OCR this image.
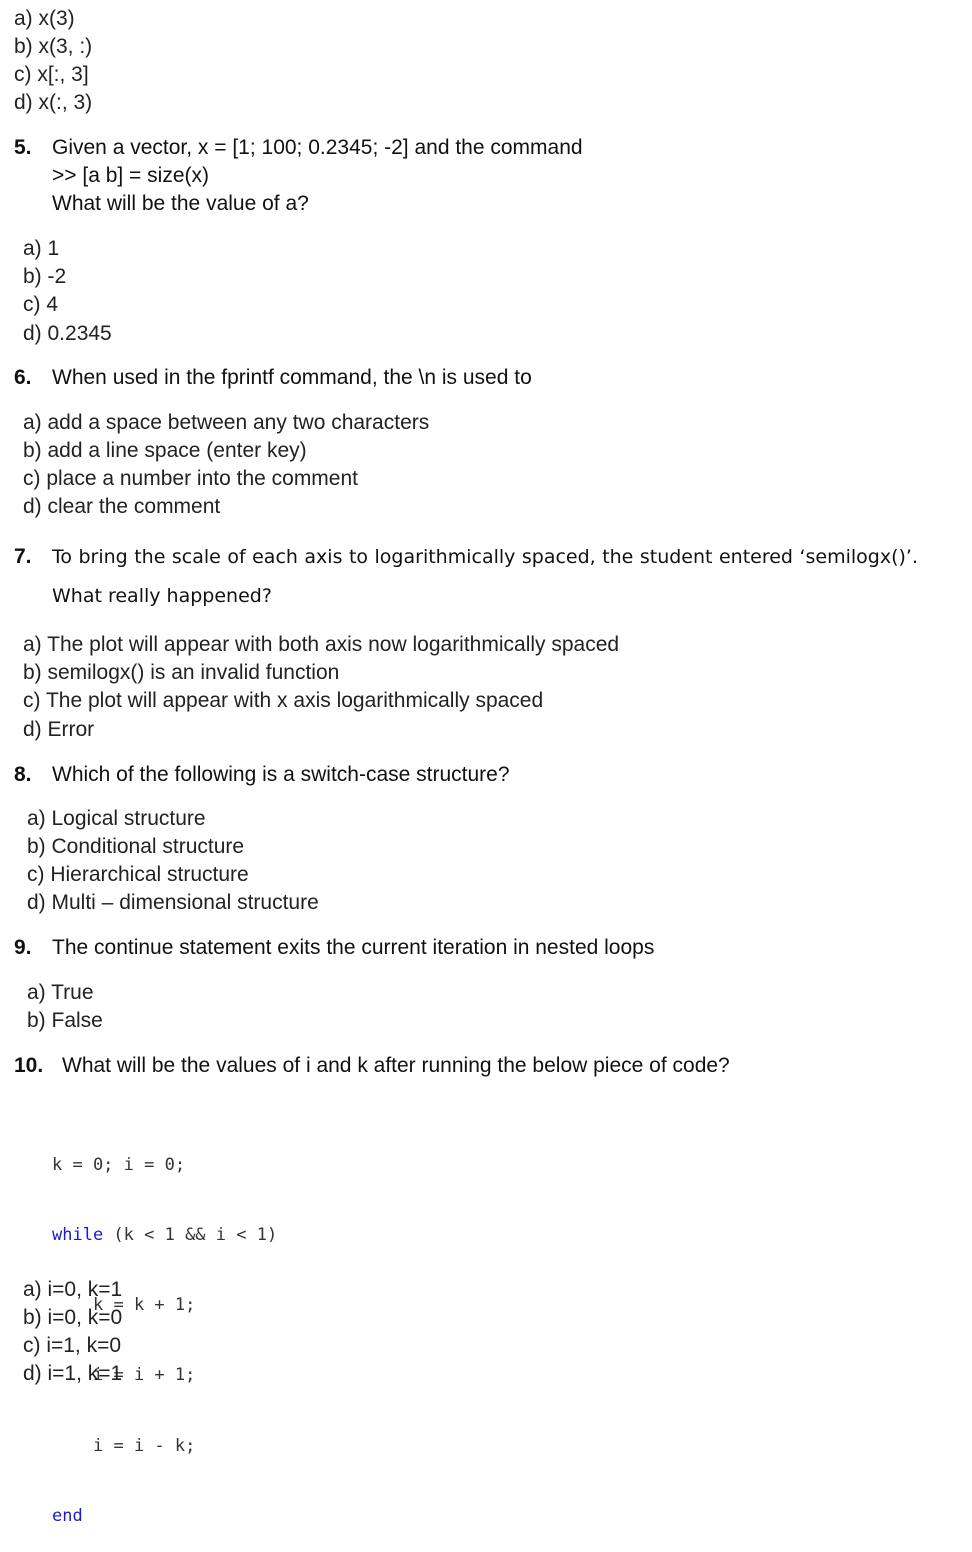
a) x(3)
b) x(3, :)
c) x[:, 3]
d) x(:, 3)
5. Given a vector, x = [1; 100; 0.2345; -2] and the command
>> [a b] = size(x)
What will be the value of a?
a) 1
b) -2
c) 4
d) 0.2345
6. When used in the fprintf command, the \n is used to
a) add a space between any two characters
b) add a line space (enter key)
c) place a number into the comment
d) clear the comment
7. To bring the scale of each axis to logarithmically spaced, the student entered ‘semilogx()’.
What really happened?
a) The plot will appear with both axis now logarithmically spaced
b) semilogx() is an invalid function
c) The plot will appear with x axis logarithmically spaced
d) Error
8. Which of the following is a switch-case structure?
a) Logical structure
b) Conditional structure
c) Hierarchical structure
d) Multi – dimensional structure
9. The continue statement exits the current iteration in nested loops
a) True
b) False
10. What will be the values of i and k after running the below piece of code?

k = 0; i = 0;

while (k < 1 && i < 1)

k = k + 1;

i = i + 1;

i = i - k;

end

a) i=0, k=1
b) i=0, k=0
c) i=1, k=0
d) i=1, k=1
